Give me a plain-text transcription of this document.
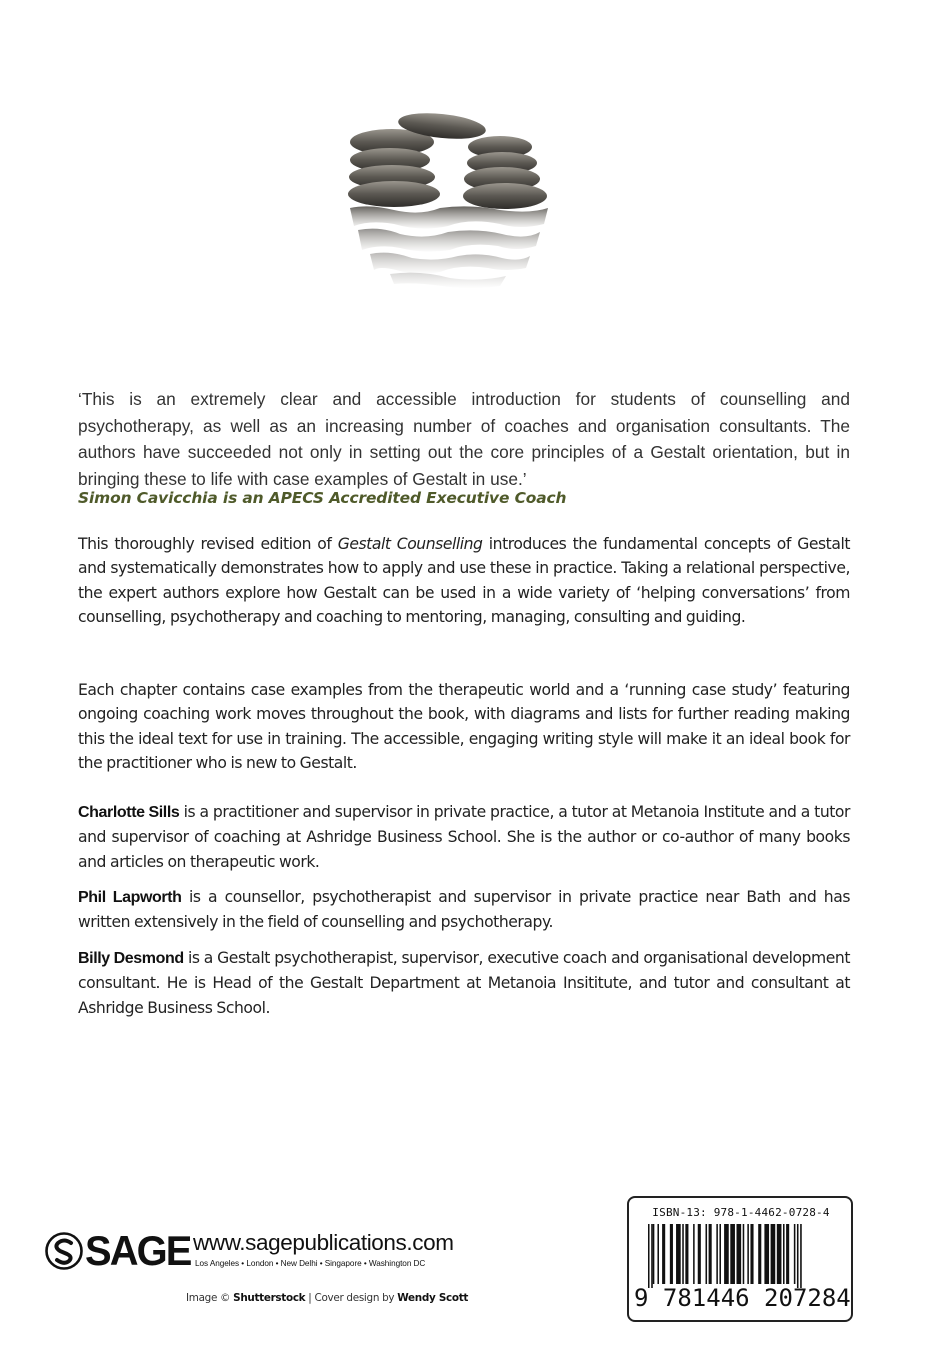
‘This is an extremely clear and accessible introduction for students of counselling and psychotherapy, as well as an increasing number of coaches and organisation consultants. The authors have succeeded not only in setting out the core principles of a Gestalt orientation, but in bringing these to life with case examples of Gestalt in use.’

Simon Cavicchia is an APECS Accredited Executive Coach

This thoroughly revised edition of Gestalt Counselling introduces the fundamental concepts of Gestalt and systematically demonstrates how to apply and use these in practice. Taking a relational perspective, the expert authors explore how Gestalt can be used in a wide variety of ‘helping conversations’ from counselling, psychotherapy and coaching to mentoring, managing, consulting and guiding.

Each chapter contains case examples from the therapeutic world and a ‘running case study’ featuring ongoing coaching work moves throughout the book, with diagrams and lists for further reading making this the ideal text for use in training. The accessible, engaging writing style will make it an ideal book for the practitioner who is new to Gestalt.

Charlotte Sills is a practitioner and supervisor in private practice, a tutor at Metanoia Institute and a tutor and supervisor of coaching at Ashridge Business School. She is the author or co-author of many books and articles on therapeutic work.

Phil Lapworth is a counsellor, psychotherapist and supervisor in private practice near Bath and has written extensively in the field of counselling and psychotherapy.

Billy Desmond is a Gestalt psychotherapist, supervisor, executive coach and organisational development consultant. He is Head of the Gestalt Department at Metanoia Insititute, and tutor and consultant at Ashridge Business School.

SAGE www.sagepublications.com
Los Angeles • London • New Delhi • Singapore • Washington DC
Image © Shutterstock | Cover design by Wendy Scott
ISBN-13: 978-1-4462-0728-4
9 781446 207284
